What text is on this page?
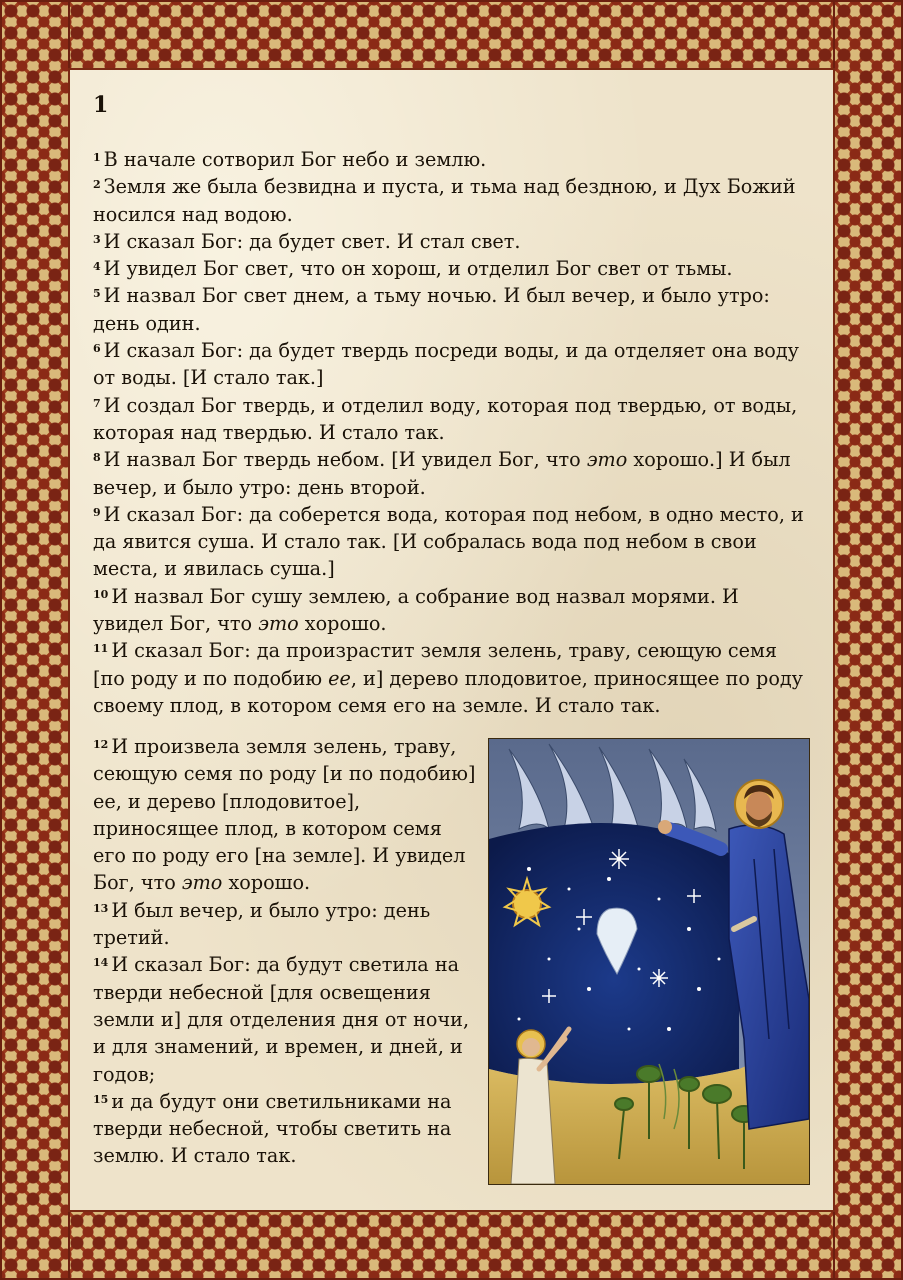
1
$^1$ В начале сотворил Бог небо и землю.
$^2$ Земля же была безвидна и пуста, и тьма над бездною, и Дух Божий носился над водою.
$^3$ И сказал Бог: да будет свет. И стал свет.
$^4$ И увидел Бог свет, что он хорош, и отделил Бог свет от тьмы.
$^5$ И назвал Бог свет днем, а тьму ночью. И был вечер, и было утро: день один.
$^6$ И сказал Бог: да будет твердь посреди воды, и да отделяет она воду от воды. [И стало так.]
$^7$ И создал Бог твердь, и отделил воду, которая под твердью, от воды, которая над твердью. И стало так.
$^8$ И назвал Бог твердь небом. [И увидел Бог, что это хорошо.] И был вечер, и было утро: день второй.
$^9$ И сказал Бог: да соберется вода, которая под небом, в одно место, и да явится суша. И стало так. [И собралась вода под небом в свои места, и явилась суша.]
$^{10}$ И назвал Бог сушу землею, а собрание вод назвал морями. И увидел Бог, что это хорошо.
$^{11}$ И сказал Бог: да произрастит земля зелень, траву, сеющую семя [по роду и по подобию ее, и] дерево плодовитое, приносящее по роду своему плод, в котором семя его на земле. И стало так.
$^{12}$ И произвела земля зелень, траву, сеющую семя по роду [и по подобию] ее, и дерево [плодовитое], приносящее плод, в котором семя его по роду его [на земле]. И увидел Бог, что это хорошо.
$^{13}$ И был вечер, и было утро: день третий.
$^{14}$ И сказал Бог: да будут светила на тверди небесной [для освещения земли и] для отделения дня от ночи, и для знамений, и времен, и дней, и годов;
$^{15}$ и да будут они светильниками на тверди небесной, чтобы светить на землю. И стало так.
